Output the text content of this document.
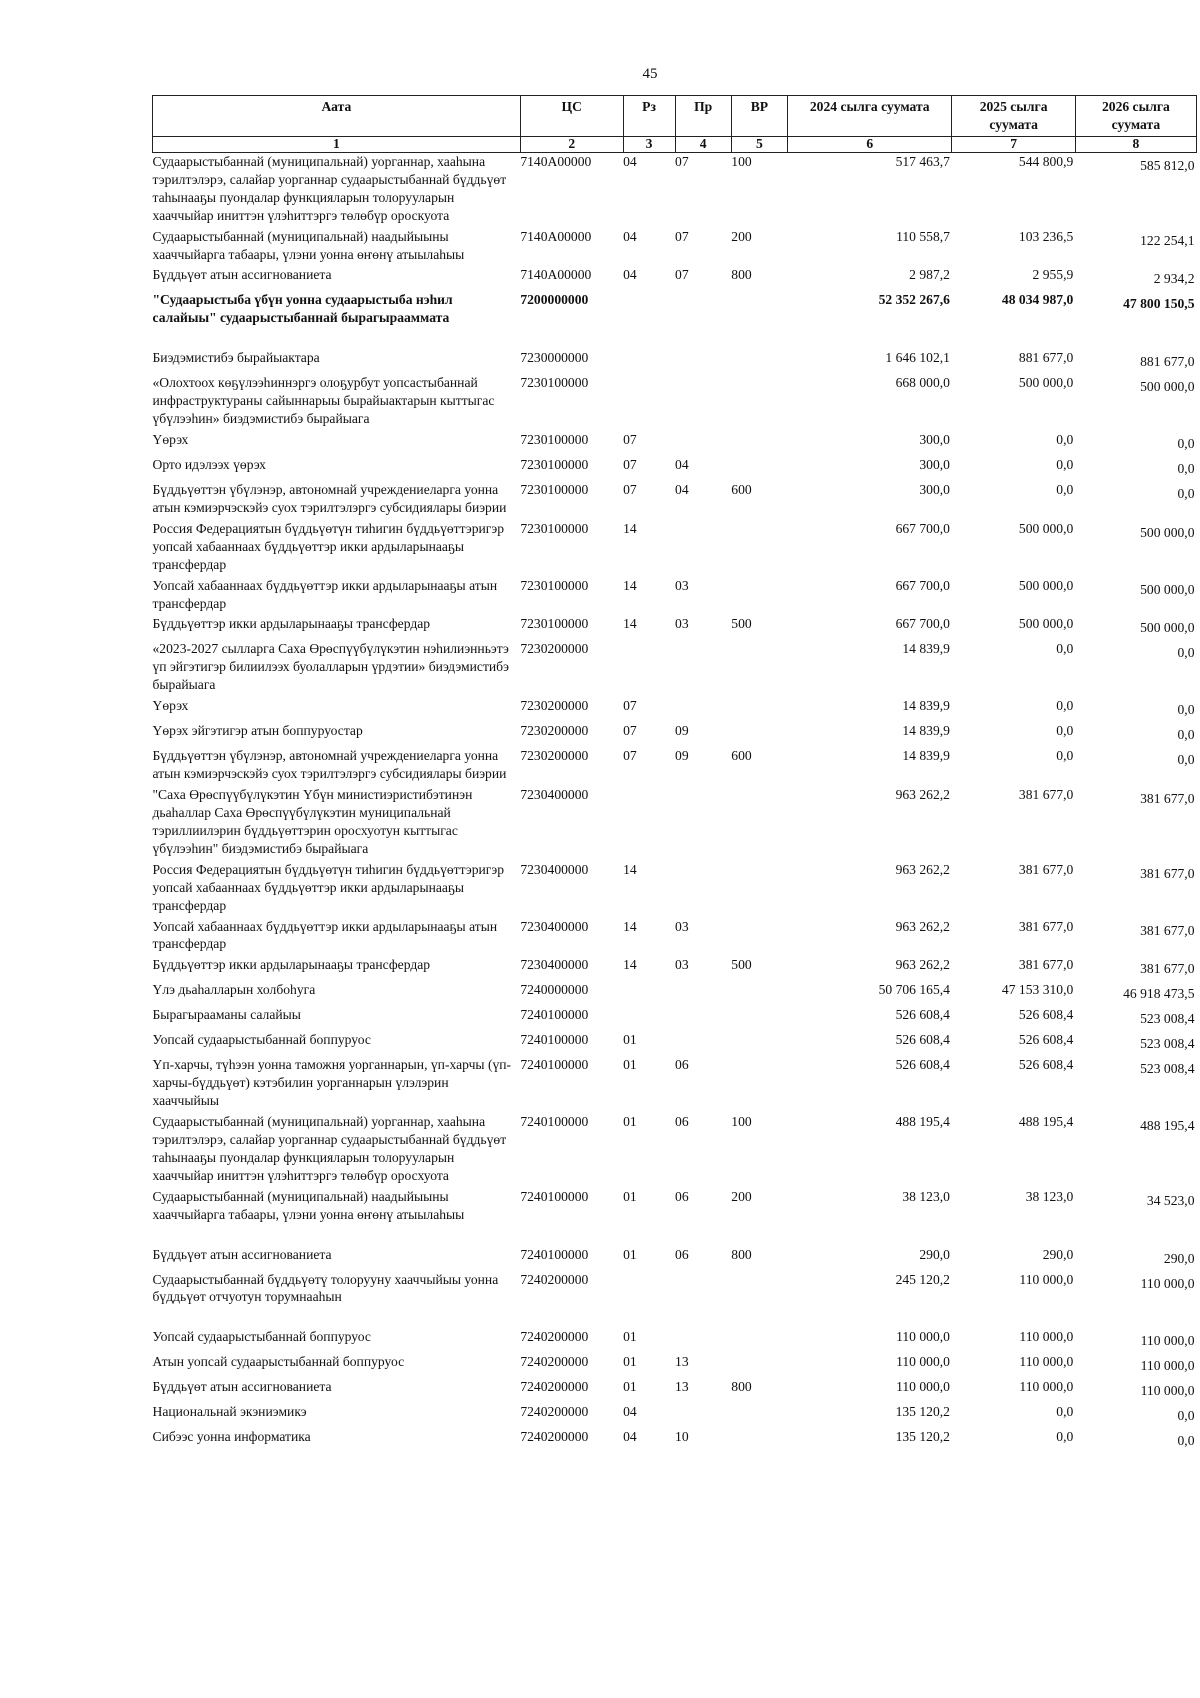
45
Аата	ЦС	Рз	Пр	ВР	2024 сылга суумата	2025 сылга суумата	2026 сылга суумата
1	2	3	4	5	6	7	8
Судаарыстыбаннай (муниципальнай) уорганнар, хааһына тэрилтэлэрэ, салайар уорганнар судаарыстыбаннай бүддьүөт таһынааҕы пуондалар функцияларын толорууларын хааччыйар иниттэн үлэһиттэргэ төлөбүр ороскуота	7140А00000	04	07	100	517 463,7	544 800,9	585 812,0
Судаарыстыбаннай (муниципальнай) наадыйыыны хааччыйарга табаары, үлэни уонна өҥөнү атыылаһыы	7140А00000	04	07	200	110 558,7	103 236,5	122 254,1
Бүддьүөт атын ассигнованиета	7140А00000	04	07	800	2 987,2	2 955,9	2 934,2
"Судаарыстыба үбүн уонна судаарыстыба нэһил салайыы" судаарыстыбаннай бырагырааммата	7200000000				52 352 267,6	48 034 987,0	47 800 150,5
Биэдэмистибэ бырайыактара	7230000000				1 646 102,1	881 677,0	881 677,0
«Олохтоох көҕүлээһиннэргэ олоҕурбут уопсастыбаннай инфраструктураны сайыннарыы бырайыактарын кыттыгас үбүлээһин» биэдэмистибэ бырайыага	7230100000				668 000,0	500 000,0	500 000,0
Үөрэх	7230100000	07			300,0	0,0	0,0
Орто идэлээх үөрэх	7230100000	07	04		300,0	0,0	0,0
Бүддьүөттэн үбүлэнэр, автономнай учреждениеларга уонна атын кэмиэрчэскэйэ суох тэрилтэлэргэ субсидиялары биэрии	7230100000	07	04	600	300,0	0,0	0,0
Россия Федерациятын бүддьүөтүн тиһигин бүддьүөттэригэр уопсай хабааннаах бүддьүөттэр икки ардыларынааҕы трансфердар	7230100000	14			667 700,0	500 000,0	500 000,0
Уопсай хабааннаах бүддьүөттэр икки ардыларынааҕы атын трансфердар	7230100000	14	03		667 700,0	500 000,0	500 000,0
Бүддьүөттэр икки ардыларынааҕы трансфердар	7230100000	14	03	500	667 700,0	500 000,0	500 000,0
«2023-2027 сылларга Саха Өрөспүүбүлүкэтин нэһилиэнньэтэ үп эйгэтигэр билиилээх буолалларын үрдэтии» биэдэмистибэ бырайыага	7230200000				14 839,9	0,0	0,0
Үөрэх	7230200000	07			14 839,9	0,0	0,0
Үөрэх эйгэтигэр атын боппуруостар	7230200000	07	09		14 839,9	0,0	0,0
Бүддьүөттэн үбүлэнэр, автономнай учреждениеларга уонна атын кэмиэрчэскэйэ суох тэрилтэлэргэ субсидиялары биэрии	7230200000	07	09	600	14 839,9	0,0	0,0
"Саха Өрөспүүбүлүкэтин Үбүн министиэристибэтинэн дьаһаллар Саха Өрөспүүбүлүкэтин муниципальнай тэриллиилэрин бүддьүөттэрин оросхуотун кыттыгас үбүлээһин" биэдэмистибэ бырайыага	7230400000				963 262,2	381 677,0	381 677,0
Россия Федерациятын бүддьүөтүн тиһигин бүддьүөттэригэр уопсай хабааннаах бүддьүөттэр икки ардыларынааҕы трансфердар	7230400000	14			963 262,2	381 677,0	381 677,0
Уопсай хабааннаах бүддьүөттэр икки ардыларынааҕы атын трансфердар	7230400000	14	03		963 262,2	381 677,0	381 677,0
Бүддьүөттэр икки ардыларынааҕы трансфердар	7230400000	14	03	500	963 262,2	381 677,0	381 677,0
Үлэ дьаһалларын холбоһуга	7240000000				50 706 165,4	47 153 310,0	46 918 473,5
Бырагырааманы салайыы	7240100000				526 608,4	526 608,4	523 008,4
Уопсай судаарыстыбаннай боппуруос	7240100000	01			526 608,4	526 608,4	523 008,4
Үп-харчы, түһээн уонна таможня уорганнарын, үп-харчы (үп-харчы-бүддьүөт) кэтэбилин уорганнарын үлэлэрин хааччыйыы	7240100000	01	06		526 608,4	526 608,4	523 008,4
Судаарыстыбаннай (муниципальнай) уорганнар, хааһына тэрилтэлэрэ, салайар уорганнар судаарыстыбаннай бүддьүөт таһынааҕы пуондалар функцияларын толорууларын хааччыйар иниттэн үлэһиттэргэ төлөбүр оросхуота	7240100000	01	06	100	488 195,4	488 195,4	488 195,4
Судаарыстыбаннай (муниципальнай) наадыйыыны хааччыйарга табаары, үлэни уонна өҥөнү атыылаһыы	7240100000	01	06	200	38 123,0	38 123,0	34 523,0
Бүддьүөт атын ассигнованиета	7240100000	01	06	800	290,0	290,0	290,0
Судаарыстыбаннай бүддьүөтү толорууну хааччыйыы уонна бүддьүөт отчуотун торумнааһын	7240200000				245 120,2	110 000,0	110 000,0
Уопсай судаарыстыбаннай боппуруос	7240200000	01			110 000,0	110 000,0	110 000,0
Атын уопсай судаарыстыбаннай боппуруос	7240200000	01	13		110 000,0	110 000,0	110 000,0
Бүддьүөт атын ассигнованиета	7240200000	01	13	800	110 000,0	110 000,0	110 000,0
Национальнай экэниэмикэ	7240200000	04			135 120,2	0,0	0,0
Сибээс уонна информатика	7240200000	04	10		135 120,2	0,0	0,0
